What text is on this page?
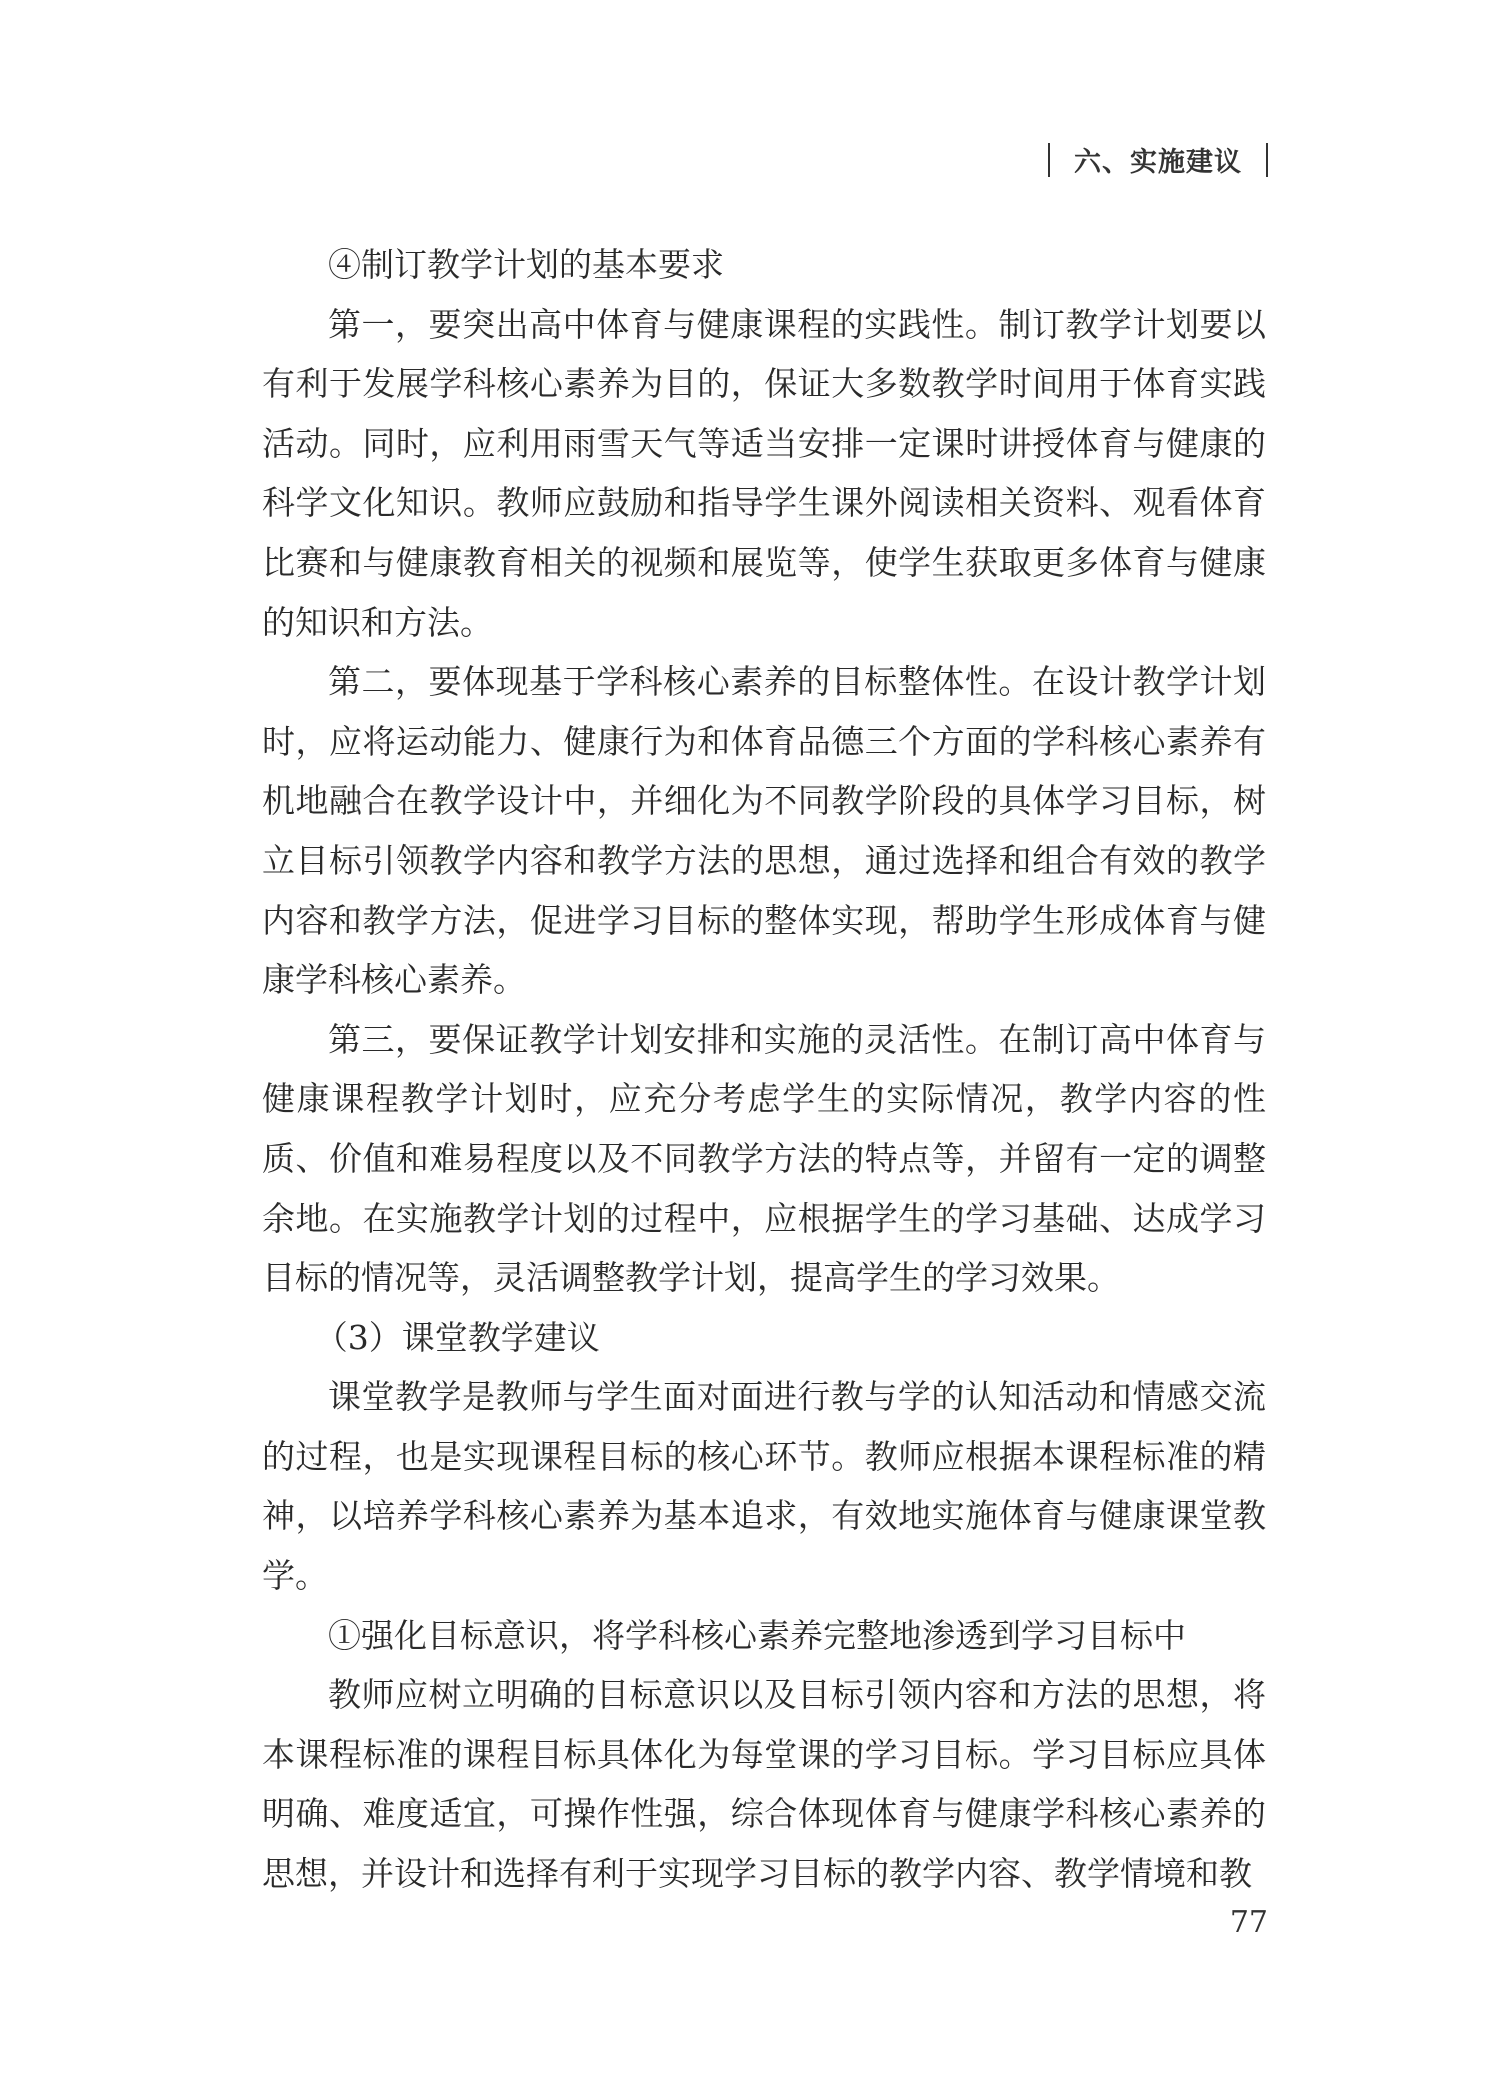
六、实施建议

④制订教学计划的基本要求

第一，要突出高中体育与健康课程的实践性。制订教学计划要以有利于发展学科核心素养为目的，保证大多数教学时间用于体育实践活动。同时，应利用雨雪天气等适当安排一定课时讲授体育与健康的科学文化知识。教师应鼓励和指导学生课外阅读相关资料、观看体育比赛和与健康教育相关的视频和展览等，使学生获取更多体育与健康的知识和方法。

第二，要体现基于学科核心素养的目标整体性。在设计教学计划时，应将运动能力、健康行为和体育品德三个方面的学科核心素养有机地融合在教学设计中，并细化为不同教学阶段的具体学习目标，树立目标引领教学内容和教学方法的思想，通过选择和组合有效的教学内容和教学方法，促进学习目标的整体实现，帮助学生形成体育与健康学科核心素养。

第三，要保证教学计划安排和实施的灵活性。在制订高中体育与健康课程教学计划时，应充分考虑学生的实际情况，教学内容的性质、价值和难易程度以及不同教学方法的特点等，并留有一定的调整余地。在实施教学计划的过程中，应根据学生的学习基础、达成学习目标的情况等，灵活调整教学计划，提高学生的学习效果。

（3）课堂教学建议

课堂教学是教师与学生面对面进行教与学的认知活动和情感交流的过程，也是实现课程目标的核心环节。教师应根据本课程标准的精神，以培养学科核心素养为基本追求，有效地实施体育与健康课堂教学。

①强化目标意识，将学科核心素养完整地渗透到学习目标中

教师应树立明确的目标意识以及目标引领内容和方法的思想，将本课程标准的课程目标具体化为每堂课的学习目标。学习目标应具体明确、难度适宜，可操作性强，综合体现体育与健康学科核心素养的思想，并设计和选择有利于实现学习目标的教学内容、教学情境和教

77
